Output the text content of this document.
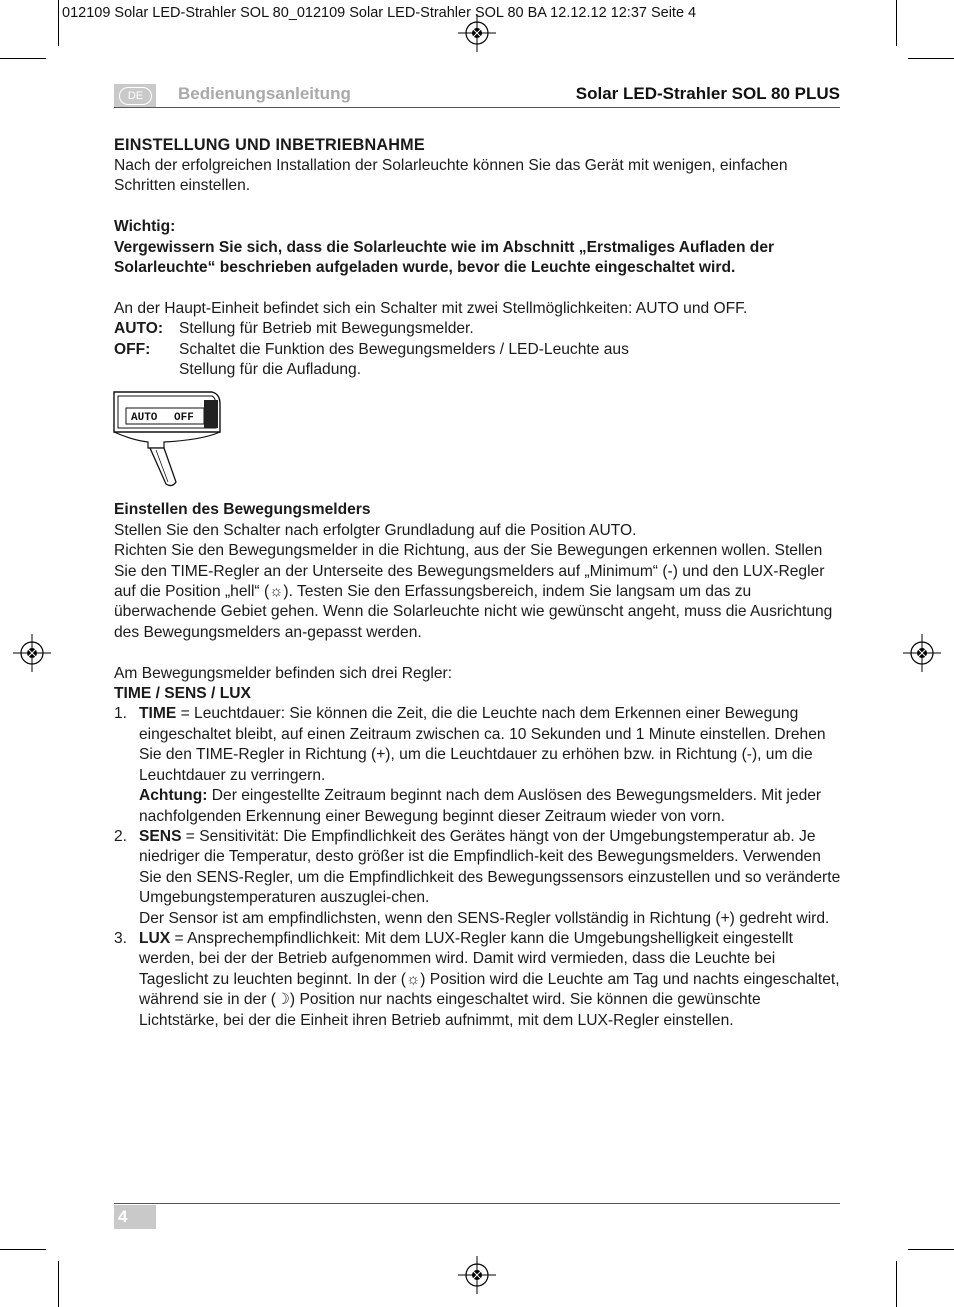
012109 Solar LED-Strahler SOL 80_012109 Solar LED-Strahler SOL 80 BA 12.12.12 12:37 Seite 4
DE	Bedienungsanleitung	Solar LED-Strahler SOL 80 PLUS
EINSTELLUNG UND INBETRIEBNAHME

Nach der erfolgreichen Installation der Solarleuchte können Sie das Gerät mit wenigen, einfachen Schritten einstellen.

Wichtig:

Vergewissern Sie sich, dass die Solarleuchte wie im Abschnitt „Erstmaliges Aufladen der Solarleuchte“ beschrieben aufgeladen wurde, bevor die Leuchte eingeschaltet wird.

An der Haupt-Einheit befindet sich ein Schalter mit zwei Stellmöglichkeiten: AUTO und OFF.

AUTO:	Stellung für Betrieb mit Bewegungsmelder.
OFF:	Schaltet die Funktion des Bewegungsmelders / LED-Leuchte aus
Stellung für die Aufladung.
AUTO OFF

Einstellen des Bewegungsmelders

Stellen Sie den Schalter nach erfolgter Grundladung auf die Position AUTO.
Richten Sie den Bewegungsmelder in die Richtung, aus der Sie Bewegungen erkennen wollen. Stellen Sie den TIME-Regler an der Unterseite des Bewegungsmelders auf „Minimum“ (-) und den LUX-Regler auf die Position „hell“ (☼). Testen Sie den Erfassungsbereich, indem Sie langsam um das zu überwachende Gebiet gehen. Wenn die Solarleuchte nicht wie gewünscht angeht, muss die Ausrichtung des Bewegungsmelders an-gepasst werden.

Am Bewegungsmelder befinden sich drei Regler:

TIME / SENS / LUX

1. TIME = Leuchtdauer: Sie können die Zeit, die die Leuchte nach dem Erkennen einer Bewegung eingeschaltet bleibt, auf einen Zeitraum zwischen ca. 10 Sekunden und 1 Minute einstellen. Drehen Sie den TIME-Regler in Richtung (+), um die Leuchtdauer zu erhöhen bzw. in Richtung (-), um die Leuchtdauer zu verringern.

Achtung: Der eingestellte Zeitraum beginnt nach dem Auslösen des Bewegungsmelders. Mit jeder nachfolgenden Erkennung einer Bewegung beginnt dieser Zeitraum wieder von vorn.

2. SENS = Sensitivität: Die Empfindlichkeit des Gerätes hängt von der Umgebungstemperatur ab. Je niedriger die Temperatur, desto größer ist die Empfindlich-keit des Bewegungsmelders. Verwenden Sie den SENS-Regler, um die Empfindlichkeit des Bewegungssensors einzustellen und so veränderte Umgebungstemperaturen auszuglei-chen.

Der Sensor ist am empfindlichsten, wenn den SENS-Regler vollständig in Richtung (+) gedreht wird.

3. LUX = Ansprechempfindlichkeit: Mit dem LUX-Regler kann die Umgebungshelligkeit eingestellt werden, bei der der Betrieb aufgenommen wird. Damit wird vermieden, dass die Leuchte bei Tageslicht zu leuchten beginnt. In der (☼) Position wird die Leuchte am Tag und nachts eingeschaltet, während sie in der (☽) Position nur nachts eingeschaltet wird. Sie können die gewünschte Lichtstärke, bei der die Einheit ihren Betrieb aufnimmt, mit dem LUX-Regler einstellen.

4
